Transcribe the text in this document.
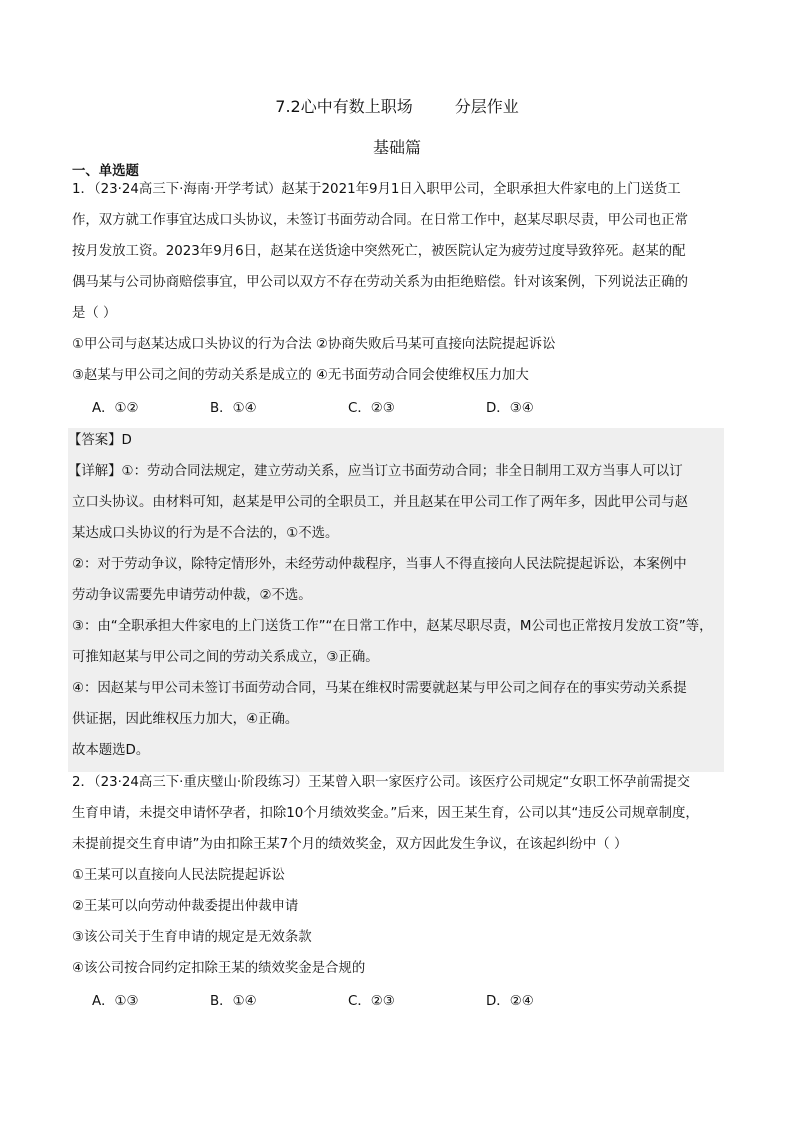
7.2心中有数上职场	分层作业
基础篇
一、单选题
1．（23·24高三下·海南·开学考试）赵某于2021年9月1日入职甲公司，全职承担大件家电的上门送货工
作，双方就工作事宜达成口头协议，未签订书面劳动合同。在日常工作中，赵某尽职尽责，甲公司也正常
按月发放工资。2023年9月6日，赵某在送货途中突然死亡，被医院认定为疲劳过度导致猝死。赵某的配
偶马某与公司协商赔偿事宜，甲公司以双方不存在劳动关系为由拒绝赔偿。针对该案例，下列说法正确的
是（ ）
①甲公司与赵某达成口头协议的行为合法 ②协商失败后马某可直接向法院提起诉讼
③赵某与甲公司之间的劳动关系是成立的 ④无书面劳动合同会使维权压力加大
A．①②	B．①④	C．②③	D．③④
【答案】D
【详解】①：劳动合同法规定，建立劳动关系，应当订立书面劳动合同；非全日制用工双方当事人可以订
立口头协议。由材料可知，赵某是甲公司的全职员工，并且赵某在甲公司工作了两年多，因此甲公司与赵
某达成口头协议的行为是不合法的，①不选。
②：对于劳动争议，除特定情形外，未经劳动仲裁程序，当事人不得直接向人民法院提起诉讼，本案例中
劳动争议需要先申请劳动仲裁，②不选。
③：由“全职承担大件家电的上门送货工作”“在日常工作中，赵某尽职尽责，M公司也正常按月发放工资”等，
可推知赵某与甲公司之间的劳动关系成立，③正确。
④：因赵某与甲公司未签订书面劳动合同，马某在维权时需要就赵某与甲公司之间存在的事实劳动关系提
供证据，因此维权压力加大，④正确。
故本题选D。
2．（23·24高三下·重庆璧山·阶段练习）王某曾入职一家医疗公司。该医疗公司规定“女职工怀孕前需提交
生育申请，未提交申请怀孕者，扣除10个月绩效奖金。”后来，因王某生育，公司以其“违反公司规章制度，
未提前提交生育申请”为由扣除王某7个月的绩效奖金，双方因此发生争议，在该起纠纷中（ ）
①王某可以直接向人民法院提起诉讼
②王某可以向劳动仲裁委提出仲裁申请
③该公司关于生育申请的规定是无效条款
④该公司按合同约定扣除王某的绩效奖金是合规的
A．①③	B．①④	C．②③	D．②④
